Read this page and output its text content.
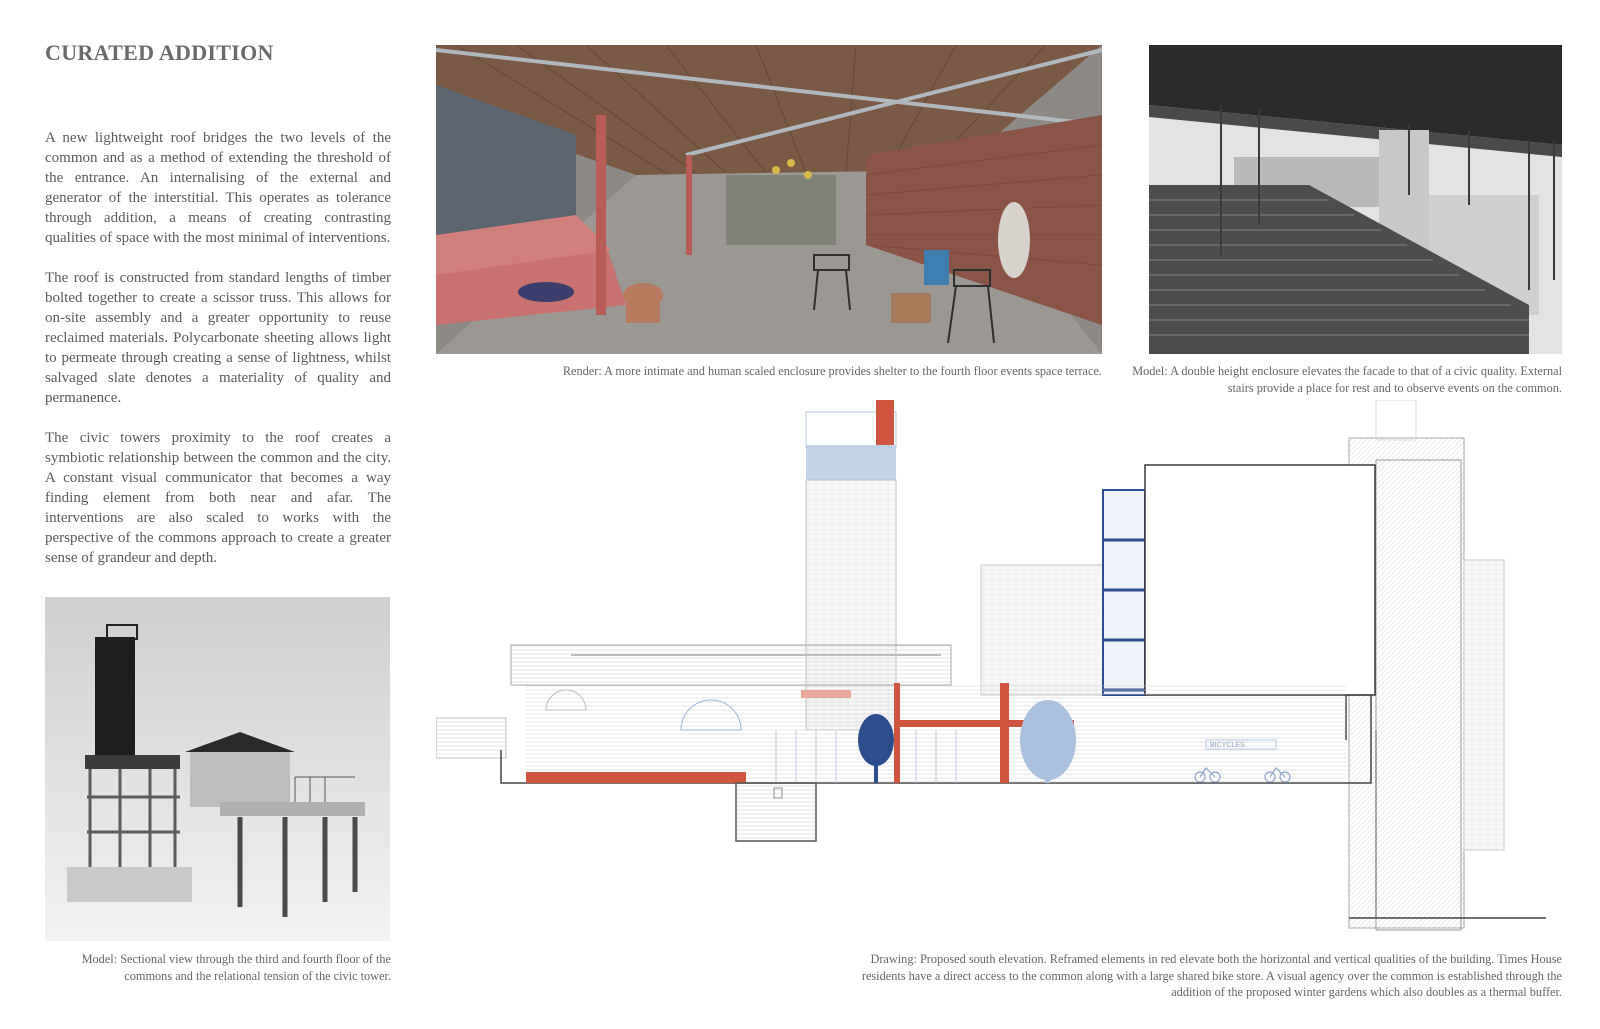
CURATED ADDITION

A new lightweight roof bridges the two levels of the common and as a method of extending the threshold of the entrance. An internalising of the external and generator of the interstitial. This operates as tolerance through addition, a means of creating contrasting qualities of space with the most minimal of interventions.

The roof is constructed from standard lengths of timber bolted together to create a scissor truss. This allows for on-site assembly and a greater opportunity to reuse reclaimed materials. Polycarbonate sheeting allows light to permeate through creating a sense of lightness, whilst salvaged slate denotes a materiality of quality and permanence.

The civic towers proximity to the roof creates a symbiotic relationship between the common and the city. A constant visual communicator that becomes a way finding element from both near and afar. The interventions are also scaled to works with the perspective of the commons approach to create a greater sense of grandeur and depth.

BICYCLES
Render: A more intimate and human scaled enclosure provides shelter to the fourth floor events space terrace. Model: A double height enclosure elevates the facade to that of a civic quality. External stairs provide a place for rest and to observe events on the common.
Model: Sectional view through the third and fourth floor of the commons and the relational tension of the civic tower.
Drawing: Proposed south elevation. Reframed elements in red elevate both the horizontal and vertical qualities of the building. Times House residents have a direct access to the common along with a large shared bike store. A visual agency over the common is established through the addition of the proposed winter gardens which also doubles as a thermal buffer.
